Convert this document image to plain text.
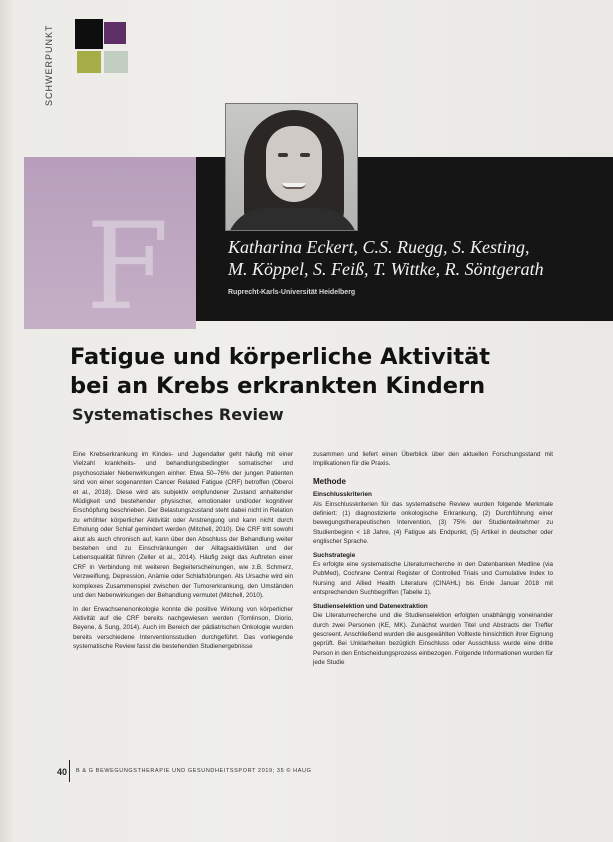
SCHWERPUNKT
F	Katharina Eckert, C.S. Ruegg, S. Kesting,
M. Köppel, S. Feiß, T. Wittke, R. Söntgerath
Ruprecht-Karls-Universität Heidelberg
Fatigue und körperliche Aktivität
bei an Krebs erkrankten Kindern
Systematisches Review

Eine Krebserkrankung im Kindes- und Jugendalter geht häufig mit einer Vielzahl krankheits- und behandlungsbedingter somatischer und psychosozialer Nebenwirkungen einher. Etwa 50–76% der jungen Patienten sind von einer sogenannten Cancer Related Fatigue (CRF) betroffen (Oberoi et al., 2018). Diese wird als subjektiv empfundener Zustand anhaltender Müdigkeit und bestehender physischer, emotionaler und/oder kognitiver Erschöpfung beschrieben. Der Belastungszustand steht dabei nicht in Relation zu erhöhter körperlicher Aktivität oder Anstrengung und kann nicht durch Erholung oder Schlaf gemindert werden (Mitchell, 2010). Die CRF tritt sowohl akut als auch chronisch auf, kann über den Abschluss der Behandlung weiter bestehen und zu Einschränkungen der Alltagsaktivitäten und der Lebensqualität führen (Zeller et al., 2014). Häufig zeigt das Auftreten einer CRF in Verbindung mit weiteren Begleiterscheinungen, wie z.B. Schmerz, Verzweiflung, Depression, Anämie oder Schlafstörungen. Als Ursache wird ein komplexes Zusammenspiel zwischen der Tumorerkrankung, den Umständen und den Nebenwirkungen der Behandlung vermutet (Mitchell, 2010).

In der Erwachsenenonkologie konnte die positive Wirkung von körperlicher Aktivität auf die CRF bereits nachgewiesen werden (Tomlinson, Diorio, Beyene, & Sung, 2014). Auch im Bereich der pädiatrischen Onkologie wurden bereits verschiedene Interventionsstudien durchgeführt. Das vorliegende systematische Review fasst die bestehenden Studienergebnisse

zusammen und liefert einen Überblick über den aktuellen Forschungsstand mit Implikationen für die Praxis.

Methode
Einschlusskriterien

Als Einschlusskriterien für das systematische Review wurden folgende Merkmale definiert: (1) diagnostizierte onkologische Erkrankung, (2) Durchführung einer bewegungstherapeutischen Intervention, (3) 75% der Studienteilnehmer zu Studienbeginn < 18 Jahre, (4) Fatigue als Endpunkt, (5) Artikel in deutscher oder englischer Sprache.

Suchstrategie

Es erfolgte eine systematische Literaturrecherche in den Datenbanken Medline (via PubMed), Cochrane Central Register of Controlled Trials und Cumulative Index to Nursing and Allied Health Literature (CINAHL) bis Ende Januar 2018 mit entsprechenden Suchbegriffen (Tabelle 1).

Studienselektion und Datenextraktion

Die Literaturrecherche und die Studienselektion erfolgten unabhängig voneinander durch zwei Personen (KE, MK). Zunächst wurden Titel und Abstracts der Treffer gescreent. Anschließend wurden die ausgewählten Volltexte hinsichtlich ihrer Eignung geprüft. Bei Unklarheiten bezüglich Einschluss oder Ausschluss wurde eine dritte Person in den Entscheidungsprozess einbezogen. Folgende Informationen wurden für jede Studie

40 B & G BEWEGUNGSTHERAPIE UND GESUNDHEITSSPORT 2019; 35 © HAUG
